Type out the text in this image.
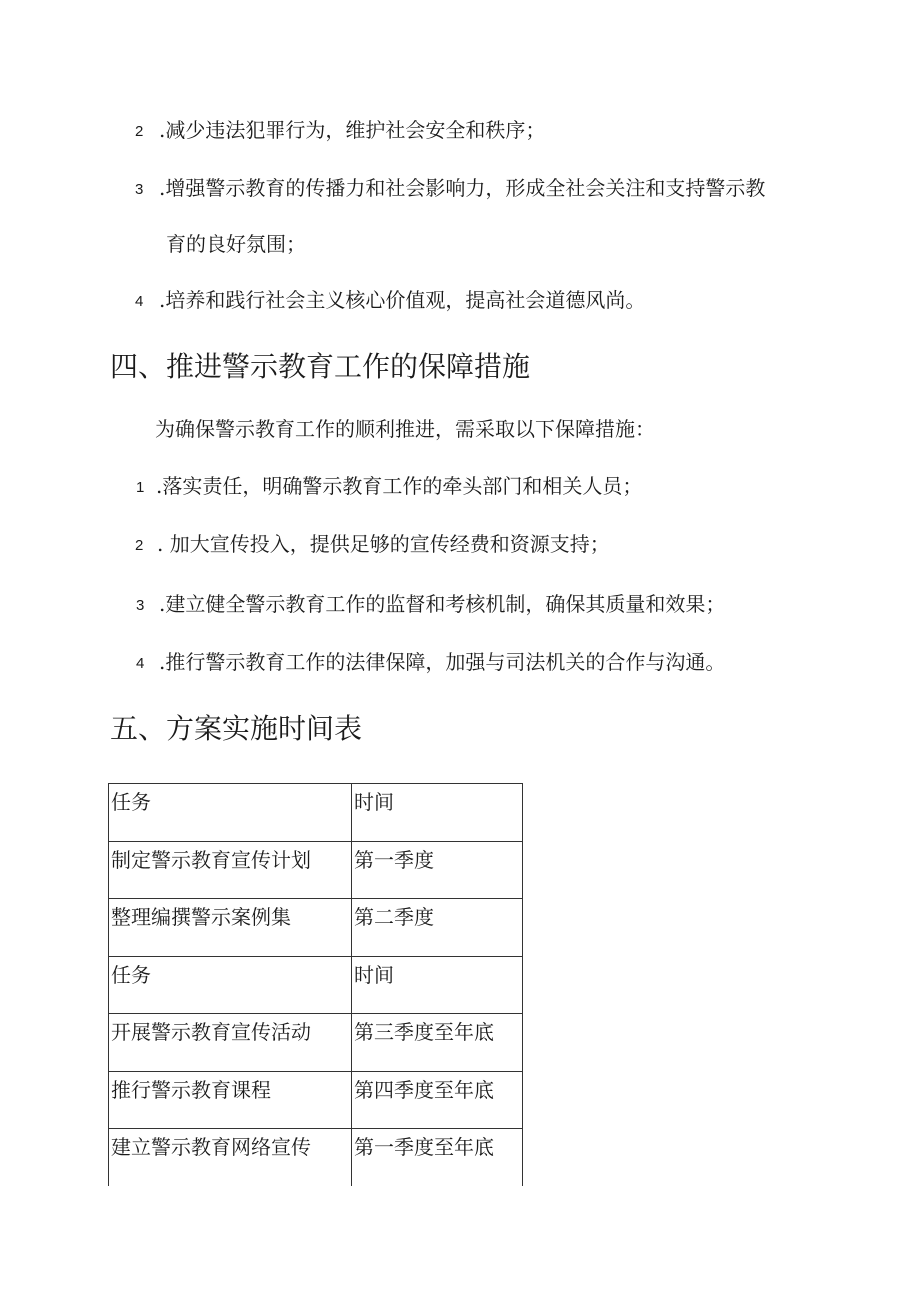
2 .减少违法犯罪行为，维护社会安全和秩序；
3 .增强警示教育的传播力和社会影响力，形成全社会关注和支持警示教
育的良好氛围；
4 .培养和践行社会主义核心价值观，提高社会道德风尚。
四、推进警示教育工作的保障措施
为确保警示教育工作的顺利推进，需采取以下保障措施：
1 .落实责任，明确警示教育工作的牵头部门和相关人员；
2 . 加大宣传投入，提供足够的宣传经费和资源支持；
3 .建立健全警示教育工作的监督和考核机制，确保其质量和效果；
4 .推行警示教育工作的法律保障，加强与司法机关的合作与沟通。
五、方案实施时间表
任务	时间
制定警示教育宣传计划	第一季度
整理编撰警示案例集	第二季度
任务	时间
开展警示教育宣传活动	第三季度至年底
推行警示教育课程	第四季度至年底
建立警示教育网络宣传	第一季度至年底
